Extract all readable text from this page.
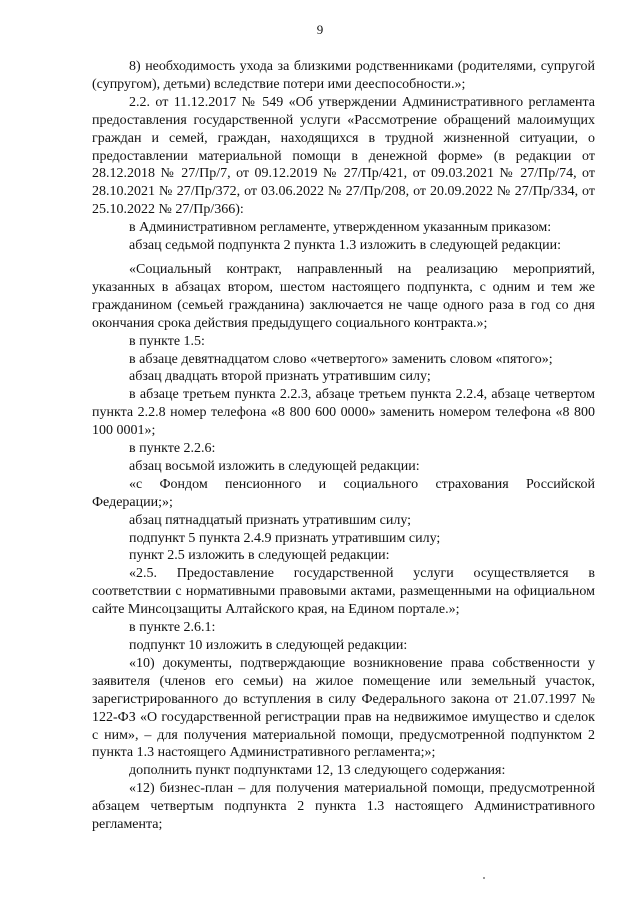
9

8) необходимость ухода за близкими родственниками (родителями, супругой (супругом), детьми) вследствие потери ими дееспособности.»;

2.2. от 11.12.2017 № 549 «Об утверждении Административного регламента предоставления государственной услуги «Рассмотрение обращений малоимущих граждан и семей, граждан, находящихся в трудной жизненной ситуации, о предоставлении материальной помощи в денежной форме» (в редакции от 28.12.2018 № 27/Пр/7, от 09.12.2019 № 27/Пр/421, от 09.03.2021 № 27/Пр/74, от 28.10.2021 № 27/Пр/372, от 03.06.2022 № 27/Пр/208, от 20.09.2022 № 27/Пр/334, от 25.10.2022 № 27/Пр/366):

в Административном регламенте, утвержденном указанным приказом:

абзац седьмой подпункта 2 пункта 1.3 изложить в следующей редакции:

«Социальный контракт, направленный на реализацию мероприятий, указанных в абзацах втором, шестом настоящего подпункта, с одним и тем же гражданином (семьей гражданина) заключается не чаще одного раза в год со дня окончания срока действия предыдущего социального контракта.»;

в пункте 1.5:

в абзаце девятнадцатом слово «четвертого» заменить словом «пятого»;

абзац двадцать второй признать утратившим силу;

в абзаце третьем пункта 2.2.3, абзаце третьем пункта 2.2.4, абзаце четвертом пункта 2.2.8 номер телефона «8 800 600 0000» заменить номером телефона «8 800 100 0001»;

в пункте 2.2.6:

абзац восьмой изложить в следующей редакции:

«с Фондом пенсионного и социального страхования Российской Федерации;»;

абзац пятнадцатый признать утратившим силу;

подпункт 5 пункта 2.4.9 признать утратившим силу;

пункт 2.5 изложить в следующей редакции:

«2.5. Предоставление государственной услуги осуществляется в соответствии с нормативными правовыми актами, размещенными на официальном сайте Минсоцзащиты Алтайского края, на Едином портале.»;

в пункте 2.6.1:

подпункт 10 изложить в следующей редакции:

«10) документы, подтверждающие возникновение права собственности у заявителя (членов его семьи) на жилое помещение или земельный участок, зарегистрированного до вступления в силу Федерального закона от 21.07.1997 № 122-ФЗ «О государственной регистрации прав на недвижимое имущество и сделок с ним», – для получения материальной помощи, предусмотренной подпунктом 2 пункта 1.3 настоящего Административного регламента;»;

дополнить пункт подпунктами 12, 13 следующего содержания:

«12) бизнес-план – для получения материальной помощи, предусмотренной абзацем четвертым подпункта 2 пункта 1.3 настоящего Административного регламента;
